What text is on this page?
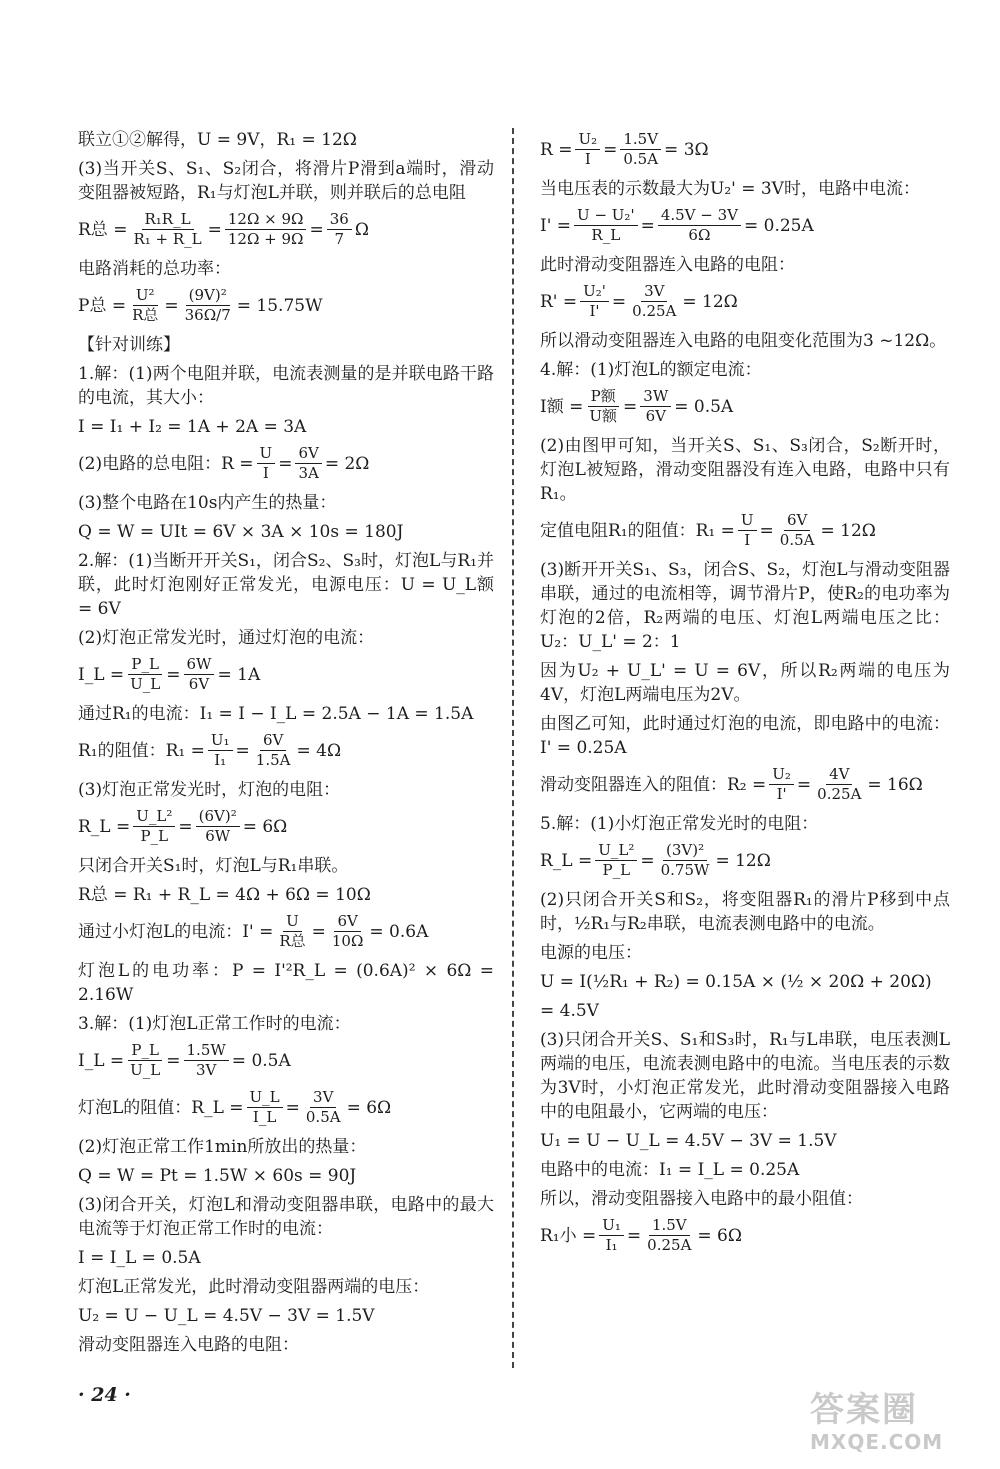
联立①②解得，U = 9V，R₁ = 12Ω
(3)当开关S、S₁、S₂闭合，将滑片P滑到a端时，滑动变阻器被短路，R₁与灯泡L并联，则并联后的总电阻
R总 = $\frac{\text{R₁R\_L}}{\text{R₁ + R\_L}} = \frac{12\Omega \times 9\Omega}{12\Omega + 9\Omega} = \frac{36}{7}$ Ω
电路消耗的总功率：
P总 = $\frac{\text{U²}}{\text{R总}} = \frac{\text{(9V)²}}{36\Omega/7} = 15.75W$
【针对训练】
1.解：(1)两个电阻并联，电流表测量的是并联电路干路的电流，其大小：
I = I₁ + I₂ = 1A + 2A = 3A
(2)电路的总电阻：$R = \frac{U}{I} = \frac{6V}{3A} = 2\Omega$
(3)整个电路在10s内产生的热量：
Q = W = UIt = 6V × 3A × 10s = 180J
2.解：(1)当断开开关S₁，闭合S₂、S₃时，灯泡L与R₁并联，此时灯泡刚好正常发光，电源电压：U = U_L额 = 6V
(2)灯泡正常发光时，通过灯泡的电流：
I_L = $\frac{P\_L}{U\_L} = \frac{6W}{6V} = 1A$
通过R₁的电流：I₁ = I − I_L = 2.5A − 1A = 1.5A
R₁的阻值：$R_1 = \frac{\text{U₁}}{\text{I₁}} = \frac{6V}{1.5A} = 4\Omega$
(3)灯泡正常发光时，灯泡的电阻：
R_L = $\frac{\text{U\_L²}}{P\_L} = \frac{\text{(6V)²}}{6W} = 6\Omega$
只闭合开关S₁时，灯泡L与R₁串联。
R总 = R₁ + R_L = 4Ω + 6Ω = 10Ω
通过小灯泡L的电流：$I' = \frac{U}{\text{R总}} = \frac{6V}{10\Omega} = 0.6A$
灯泡L的电功率：P = I'²R_L = (0.6A)² × 6Ω = 2.16W
3.解：(1)灯泡L正常工作时的电流：
I_L = $\frac{P\_L}{U\_L} = \frac{1.5W}{3V} = 0.5A$
灯泡L的阻值：R_L = $\frac{U\_L}{I\_L} = \frac{3V}{0.5A} = 6\Omega$
(2)灯泡正常工作1min所放出的热量：
Q = W = Pt = 1.5W × 60s = 90J
(3)闭合开关，灯泡L和滑动变阻器串联，电路中的最大电流等于灯泡正常工作时的电流：
I = I_L = 0.5A
灯泡L正常发光，此时滑动变阻器两端的电压：
U₂ = U − U_L = 4.5V − 3V = 1.5V
滑动变阻器连入电路的电阻：
$R = \frac{\text{U₂}}{I} = \frac{1.5V}{0.5A} = 3\Omega$
当电压表的示数最大为U₂' = 3V时，电路中电流：
$I' = \frac{\text{U − U₂'}}{R\_L} = \frac{4.5V - 3V}{6\Omega} = 0.25A$
此时滑动变阻器连入电路的电阻：
$R' = \frac{\text{U₂'}}{I'} = \frac{3V}{0.25A} = 12\Omega$
所以滑动变阻器连入电路的电阻变化范围为3 ~12Ω。
4.解：(1)灯泡L的额定电流：
I额 = $\frac{\text{P额}}{\text{U额}} = \frac{3W}{6V} = 0.5A$
(2)由图甲可知，当开关S、S₁、S₃闭合，S₂断开时，灯泡L被短路，滑动变阻器没有连入电路，电路中只有R₁。
定值电阻R₁的阻值：$R_1 = \frac{U}{I} = \frac{6V}{0.5A} = 12\Omega$
(3)断开开关S₁、S₃，闭合S、S₂，灯泡L与滑动变阻器串联，通过的电流相等，调节滑片P，使R₂的电功率为灯泡的2倍，R₂两端的电压、灯泡L两端电压之比：U₂：U_L' = 2：1
因为U₂ + U_L' = U = 6V，所以R₂两端的电压为4V，灯泡L两端电压为2V。
由图乙可知，此时通过灯泡的电流，即电路中的电流：I' = 0.25A
滑动变阻器连入的阻值：$R_2 = \frac{\text{U₂}}{I'} = \frac{4V}{0.25A} = 16\Omega$
5.解：(1)小灯泡正常发光时的电阻：
R_L = $\frac{\text{U\_L²}}{P\_L} = \frac{\text{(3V)²}}{0.75W} = 12\Omega$
(2)只闭合开关S和S₂，将变阻器R₁的滑片P移到中点时，½R₁与R₂串联，电流表测电路中的电流。
电源的电压：
U = I(½R₁ + R₂) = 0.15A × (½ × 20Ω + 20Ω)
= 4.5V
(3)只闭合开关S、S₁和S₃时，R₁与L串联，电压表测L两端的电压，电流表测电路中的电流。当电压表的示数为3V时，小灯泡正常发光，此时滑动变阻器接入电路中的电阻最小，它两端的电压：
U₁ = U − U_L = 4.5V − 3V = 1.5V
电路中的电流：I₁ = I_L = 0.25A
所以，滑动变阻器接入电路中的最小阻值：
R₁小 = $\frac{\text{U₁}}{\text{I₁}} = \frac{1.5V}{0.25A} = 6\Omega$
· 24 ·	答案圈
MXQE.COM
